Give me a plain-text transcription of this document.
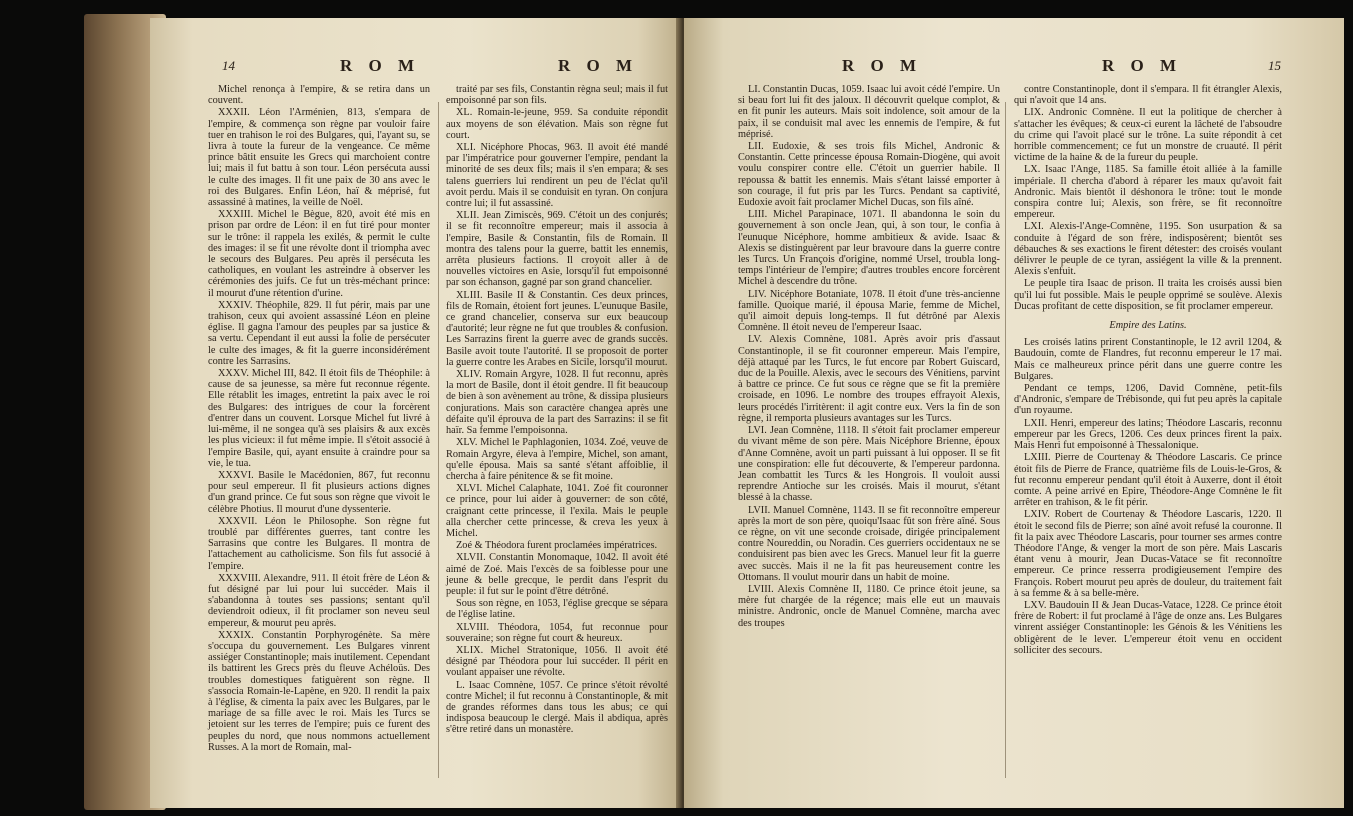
14	R O M	R O M

Michel renonça à l'empire, & se retira dans un couvent.

XXXII. Léon l'Arménien, 813, s'empara de l'empire, & commença son règne par vouloir faire tuer en trahison le roi des Bulgares, qui, l'ayant su, se livra à toute la fureur de la vengeance. Ce même prince bâtit ensuite les Grecs qui marchoient contre lui; mais il fut battu à son tour. Léon persécuta aussi le culte des images. Il fit une paix de 30 ans avec le roi des Bulgares. Enfin Léon, haï & méprisé, fut assassiné à matines, la veille de Noël.

XXXIII. Michel le Bègue, 820, avoit été mis en prison par ordre de Léon: il en fut tiré pour monter sur le trône: il rappela les exilés, & permit le culte des images: il se fit une révolte dont il triompha avec le secours des Bulgares. Peu après il persécuta les catholiques, en voulant les astreindre à observer les cérémonies des juifs. Ce fut un très-méchant prince: il mourut d'une rétention d'urine.

XXXIV. Théophile, 829. Il fut périr, mais par une trahison, ceux qui avoient assassiné Léon en pleine église. Il gagna l'amour des peuples par sa justice & sa vertu. Cependant il eut aussi la folie de persécuter le culte des images, & fit la guerre inconsidérément contre les Sarrasins.

XXXV. Michel III, 842. Il étoit fils de Théophile: à cause de sa jeunesse, sa mère fut reconnue régente. Elle rétablit les images, entretint la paix avec le roi des Bulgares: des intrigues de cour la forcèrent d'entrer dans un couvent. Lorsque Michel fut livré à lui-même, il ne songea qu'à ses plaisirs & aux excès les plus vicieux: il fut même impie. Il s'étoit associé à l'empire Basile, qui, ayant ensuite à craindre pour sa vie, le tua.

XXXVI. Basile le Macédonien, 867, fut reconnu pour seul empereur. Il fit plusieurs actions dignes d'un grand prince. Ce fut sous son règne que vivoit le célèbre Photius. Il mourut d'une dyssenterie.

XXXVII. Léon le Philosophe. Son règne fut troublé par différentes guerres, tant contre les Sarrasins que contre les Bulgares. Il montra de l'attachement au catholicisme. Son fils fut associé à l'empire.

XXXVIII. Alexandre, 911. Il étoit frère de Léon & fut désigné par lui pour lui succéder. Mais il s'abandonna à toutes ses passions; sentant qu'il deviendroit odieux, il fit proclamer son neveu seul empereur, & mourut peu après.

XXXIX. Constantin Porphyrogénète. Sa mère s'occupa du gouvernement. Les Bulgares vinrent assiéger Constantinople; mais inutilement. Cependant ils battirent les Grecs près du fleuve Achéloüs. Des troubles domestiques fatiguèrent son règne. Il s'associa Romain-le-Lapène, en 920. Il rendit la paix à l'église, & cimenta la paix avec les Bulgares, par le mariage de sa fille avec le roi. Mais les Turcs se jetoient sur les terres de l'empire; puis ce furent des peuples du nord, que nous nommons actuellement Russes. A la mort de Romain, mal-

traité par ses fils, Constantin règna seul; mais il fut empoisonné par son fils.

XL. Romain-le-jeune, 959. Sa conduite répondit aux moyens de son élévation. Mais son règne fut court.

XLI. Nicéphore Phocas, 963. Il avoit été mandé par l'impératrice pour gouverner l'empire, pendant la minorité de ses deux fils; mais il s'en empara; & ses talens guerriers lui rendirent un peu de l'éclat qu'il avoit perdu. Mais il se conduisit en tyran. On conjura contre lui; il fut assassiné.

XLII. Jean Zimiscès, 969. C'étoit un des conjurés; il se fit reconnoître empereur; mais il associa à l'empire, Basile & Constantin, fils de Romain. Il montra des talens pour la guerre, battit les ennemis, arrêta plusieurs factions. Il croyoit aller à de nouvelles victoires en Asie, lorsqu'il fut empoisonné par son échanson, gagné par son grand chancelier.

XLIII. Basile II & Constantin. Ces deux princes, fils de Romain, étoient fort jeunes. L'eunuque Basile, ce grand chancelier, conserva sur eux beaucoup d'autorité; leur règne ne fut que troubles & confusion. Les Sarrazins firent la guerre avec de grands succès. Basile avoit toute l'autorité. Il se proposoit de porter la guerre contre les Arabes en Sicile, lorsqu'il mourut.

XLIV. Romain Argyre, 1028. Il fut reconnu, après la mort de Basile, dont il étoit gendre. Il fit beaucoup de bien à son avènement au trône, & dissipa plusieurs conjurations. Mais son caractère changea après une défaite qu'il éprouva de la part des Sarrazins: il se fit haïr. Sa femme l'empoisonna.

XLV. Michel le Paphlagonien, 1034. Zoé, veuve de Romain Argyre, éleva à l'empire, Michel, son amant, qu'elle épousa. Mais sa santé s'étant affoiblie, il chercha à faire pénitence & se fit moine.

XLVI. Michel Calaphate, 1041. Zoé fit couronner ce prince, pour lui aider à gouverner: de son côté, craignant cette princesse, il l'exila. Mais le peuple alla chercher cette princesse, & creva les yeux à Michel.

Zoé & Théodora furent proclamées impératrices.

XLVII. Constantin Monomaque, 1042. Il avoit été aimé de Zoé. Mais l'excès de sa foiblesse pour une jeune & belle grecque, le perdit dans l'esprit du peuple: il fut sur le point d'être détrôné.

Sous son règne, en 1053, l'église grecque se sépara de l'église latine.

XLVIII. Théodora, 1054, fut reconnue pour souveraine; son règne fut court & heureux.

XLIX. Michel Stratonique, 1056. Il avoit été désigné par Théodora pour lui succéder. Il périt en voulant appaiser une révolte.

L. Isaac Comnène, 1057. Ce prince s'étoit révolté contre Michel; il fut reconnu à Constantinople, & mit de grandes réformes dans tous les abus; ce qui indisposa beaucoup le clergé. Mais il abdiqua, après s'être retiré dans un monastère.

R O M	R O M	15

LI. Constantin Ducas, 1059. Isaac lui avoit cédé l'empire. Un si beau fort lui fit des jaloux. Il découvrit quelque complot, & en fit punir les auteurs. Mais soit indolence, soit amour de la paix, il se conduisit mal avec les ennemis de l'empire, & fut méprisé.

LII. Eudoxie, & ses trois fils Michel, Andronic & Constantin. Cette princesse épousa Romain-Diogène, qui avoit voulu conspirer contre elle. C'étoit un guerrier habile. Il repoussa & battit les ennemis. Mais s'étant laissé emporter à son courage, il fut pris par les Turcs. Pendant sa captivité, Eudoxie avoit fait proclamer Michel Ducas, son fils aîné.

LIII. Michel Parapinace, 1071. Il abandonna le soin du gouvernement à son oncle Jean, qui, à son tour, le confia à l'eunuque Nicéphore, homme ambitieux & avide. Isaac & Alexis se distinguèrent par leur bravoure dans la guerre contre les Turcs. Un François d'origine, nommé Ursel, troubla long-temps l'intérieur de l'empire; d'autres troubles encore forcèrent Michel à descendre du trône.

LIV. Nicéphore Botaniate, 1078. Il étoit d'une très-ancienne famille. Quoique marié, il épousa Marie, femme de Michel, qu'il aimoit depuis long-temps. Il fut détrôné par Alexis Comnène. Il étoit neveu de l'empereur Isaac.

LV. Alexis Comnène, 1081. Après avoir pris d'assaut Constantinople, il se fit couronner empereur. Mais l'empire, déjà attaqué par les Turcs, le fut encore par Robert Guiscard, duc de la Pouille. Alexis, avec le secours des Vénitiens, parvint à battre ce prince. Ce fut sous ce règne que se fit la première croisade, en 1096. Le nombre des troupes effrayoit Alexis, leurs procédés l'irritèrent: il agit contre eux. Vers la fin de son règne, il remporta plusieurs avantages sur les Turcs.

LVI. Jean Comnène, 1118. Il s'étoit fait proclamer empereur du vivant même de son père. Mais Nicéphore Brienne, époux d'Anne Comnène, avoit un parti puissant à lui opposer. Il se fit une conspiration: elle fut découverte, & l'empereur pardonna. Jean combattit les Turcs & les Hongrois. Il vouloit aussi reprendre Antioche sur les croisés. Mais il mourut, s'étant blessé à la chasse.

LVII. Manuel Comnène, 1143. Il se fit reconnoître empereur après la mort de son père, quoiqu'Isaac fût son frère aîné. Sous ce règne, on vit une seconde croisade, dirigée principalement contre Noureddin, ou Noradin. Ces guerriers occidentaux ne se conduisirent pas bien avec les Grecs. Manuel leur fit la guerre avec succès. Mais il ne la fit pas heureusement contre les Ottomans. Il voulut mourir dans un habit de moine.

LVIII. Alexis Comnène II, 1180. Ce prince étoit jeune, sa mère fut chargée de la régence; mais elle eut un mauvais ministre. Andronic, oncle de Manuel Comnène, marcha avec des troupes

contre Constantinople, dont il s'empara. Il fit étrangler Alexis, qui n'avoit que 14 ans.

LIX. Andronic Comnène. Il eut la politique de chercher à s'attacher les évêques; & ceux-ci eurent la lâcheté de l'absoudre du crime qui l'avoit placé sur le trône. La suite répondit à cet horrible commencement; ce fut un monstre de cruauté. Il périt victime de la haine & de la fureur du peuple.

LX. Isaac l'Ange, 1185. Sa famille étoit alliée à la famille impériale. Il chercha d'abord à réparer les maux qu'avoit fait Andronic. Mais bientôt il déshonora le trône: tout le monde conspira contre lui; Alexis, son frère, se fit reconnoître empereur.

LXI. Alexis-l'Ange-Comnène, 1195. Son usurpation & sa conduite à l'égard de son frère, indisposèrent; bientôt ses débauches & ses exactions le firent détester: des croisés voulant délivrer le peuple de ce tyran, assiégent la ville & la prennent. Alexis s'enfuit.

Le peuple tira Isaac de prison. Il traita les croisés aussi bien qu'il lui fut possible. Mais le peuple opprimé se soulève. Alexis Ducas profitant de cette disposition, se fit proclamer empereur.

Empire des Latins.

Les croisés latins prirent Constantinople, le 12 avril 1204, & Baudouin, comte de Flandres, fut reconnu empereur le 17 mai. Mais ce malheureux prince périt dans une guerre contre les Bulgares.

Pendant ce temps, 1206, David Comnène, petit-fils d'Andronic, s'empare de Trébisonde, qui fut peu après la capitale d'un royaume.

LXII. Henri, empereur des latins; Théodore Lascaris, reconnu empereur par les Grecs, 1206. Ces deux princes firent la paix. Mais Henri fut empoisonné à Thessalonique.

LXIII. Pierre de Courtenay & Théodore Lascaris. Ce prince étoit fils de Pierre de France, quatrième fils de Louis-le-Gros, & fut reconnu empereur pendant qu'il étoit à Auxerre, dont il étoit comte. A peine arrivé en Epire, Théodore-Ange Comnène le fit arrêter en trahison, & le fit périr.

LXIV. Robert de Courtenay & Théodore Lascaris, 1220. Il étoit le second fils de Pierre; son aîné avoit refusé la couronne. Il fit la paix avec Théodore Lascaris, pour tourner ses armes contre Théodore l'Ange, & venger la mort de son père. Mais Lascaris étant venu à mourir, Jean Ducas-Vatace se fit reconnoître empereur. Ce prince resserra prodigieusement l'empire des François. Robert mourut peu après de douleur, du traitement fait à sa femme & à sa belle-mère.

LXV. Baudouin II & Jean Ducas-Vatace, 1228. Ce prince étoit frère de Robert: il fut proclamé à l'âge de onze ans. Les Bulgares vinrent assiéger Constantinople: les Génois & les Vénitiens les obligèrent de le lever. L'empereur étoit venu en occident solliciter des secours.
